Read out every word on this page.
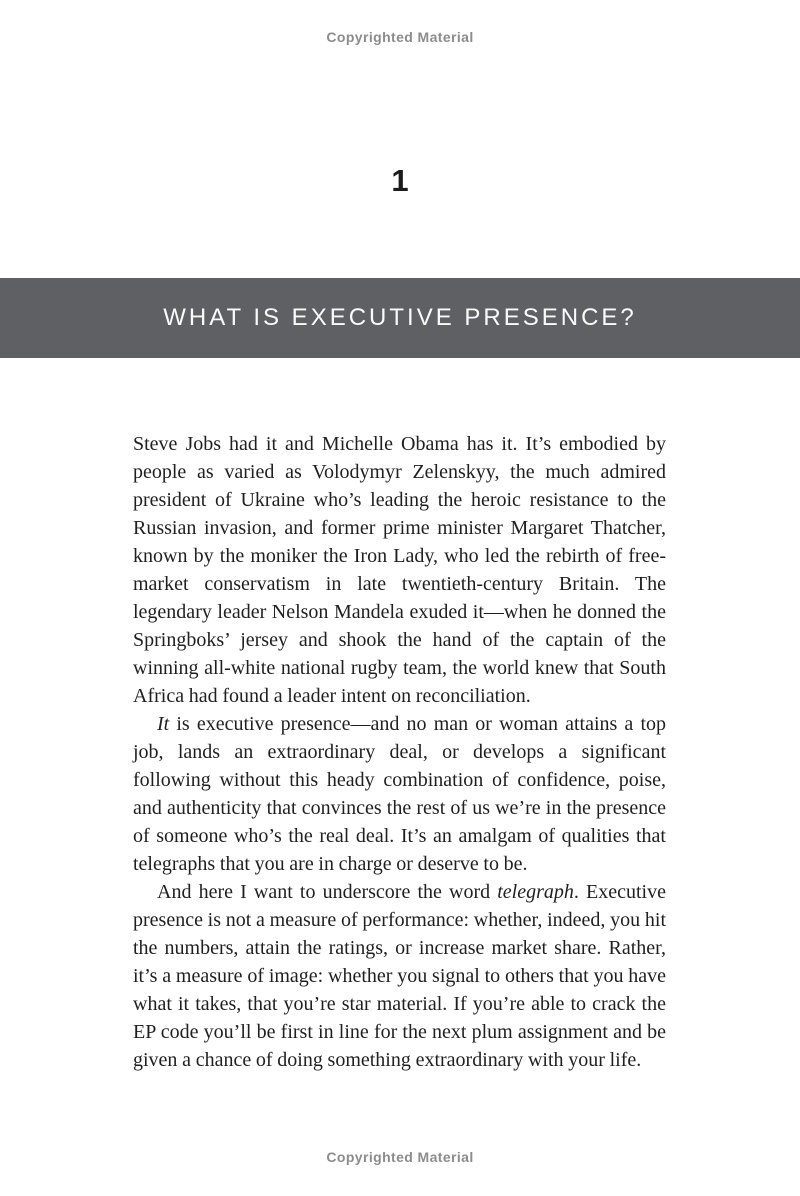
Copyrighted Material
1
WHAT IS EXECUTIVE PRESENCE?

Steve Jobs had it and Michelle Obama has it. It’s embodied by people as varied as Volodymyr Zelenskyy, the much admired president of Ukraine who’s leading the heroic resistance to the Russian invasion, and former prime minister Margaret Thatcher, known by the moniker the Iron Lady, who led the rebirth of free-market conservatism in late twentieth-century Britain. The legendary leader Nelson Mandela exuded it—when he donned the Springboks’ jersey and shook the hand of the captain of the winning all-white national rugby team, the world knew that South Africa had found a leader intent on reconciliation.

It is executive presence—and no man or woman attains a top job, lands an extraordinary deal, or develops a significant following without this heady combination of confidence, poise, and authenticity that convinces the rest of us we’re in the presence of someone who’s the real deal. It’s an amalgam of qualities that telegraphs that you are in charge or deserve to be.

And here I want to underscore the word telegraph. Executive presence is not a measure of performance: whether, indeed, you hit the numbers, attain the ratings, or increase market share. Rather, it’s a measure of image: whether you signal to others that you have what it takes, that you’re star material. If you’re able to crack the EP code you’ll be first in line for the next plum assignment and be given a chance of doing something extraordinary with your life.

Copyrighted Material
